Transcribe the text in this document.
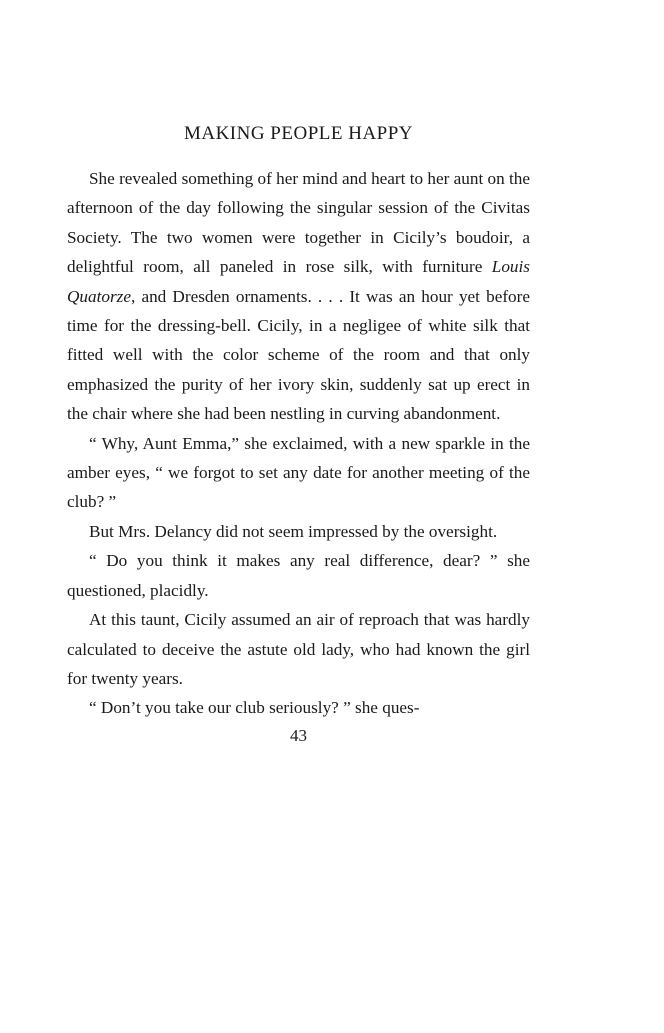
MAKING PEOPLE HAPPY

She revealed something of her mind and heart to her aunt on the afternoon of the day following the singular session of the Civitas Society. The two women were together in Cicily’s boudoir, a delightful room, all paneled in rose silk, with furniture Louis Quatorze, and Dresden ornaments. . . . It was an hour yet before time for the dressing-bell. Cicily, in a negligee of white silk that fitted well with the color scheme of the room and that only emphasized the purity of her ivory skin, suddenly sat up erect in the chair where she had been nestling in curving abandonment.

“ Why, Aunt Emma,” she exclaimed, with a new sparkle in the amber eyes, “ we forgot to set any date for another meeting of the club? ”

But Mrs. Delancy did not seem impressed by the oversight.

“ Do you think it makes any real difference, dear? ” she questioned, placidly.

At this taunt, Cicily assumed an air of reproach that was hardly calculated to deceive the astute old lady, who had known the girl for twenty years.

“ Don’t you take our club seriously? ” she ques-

43
